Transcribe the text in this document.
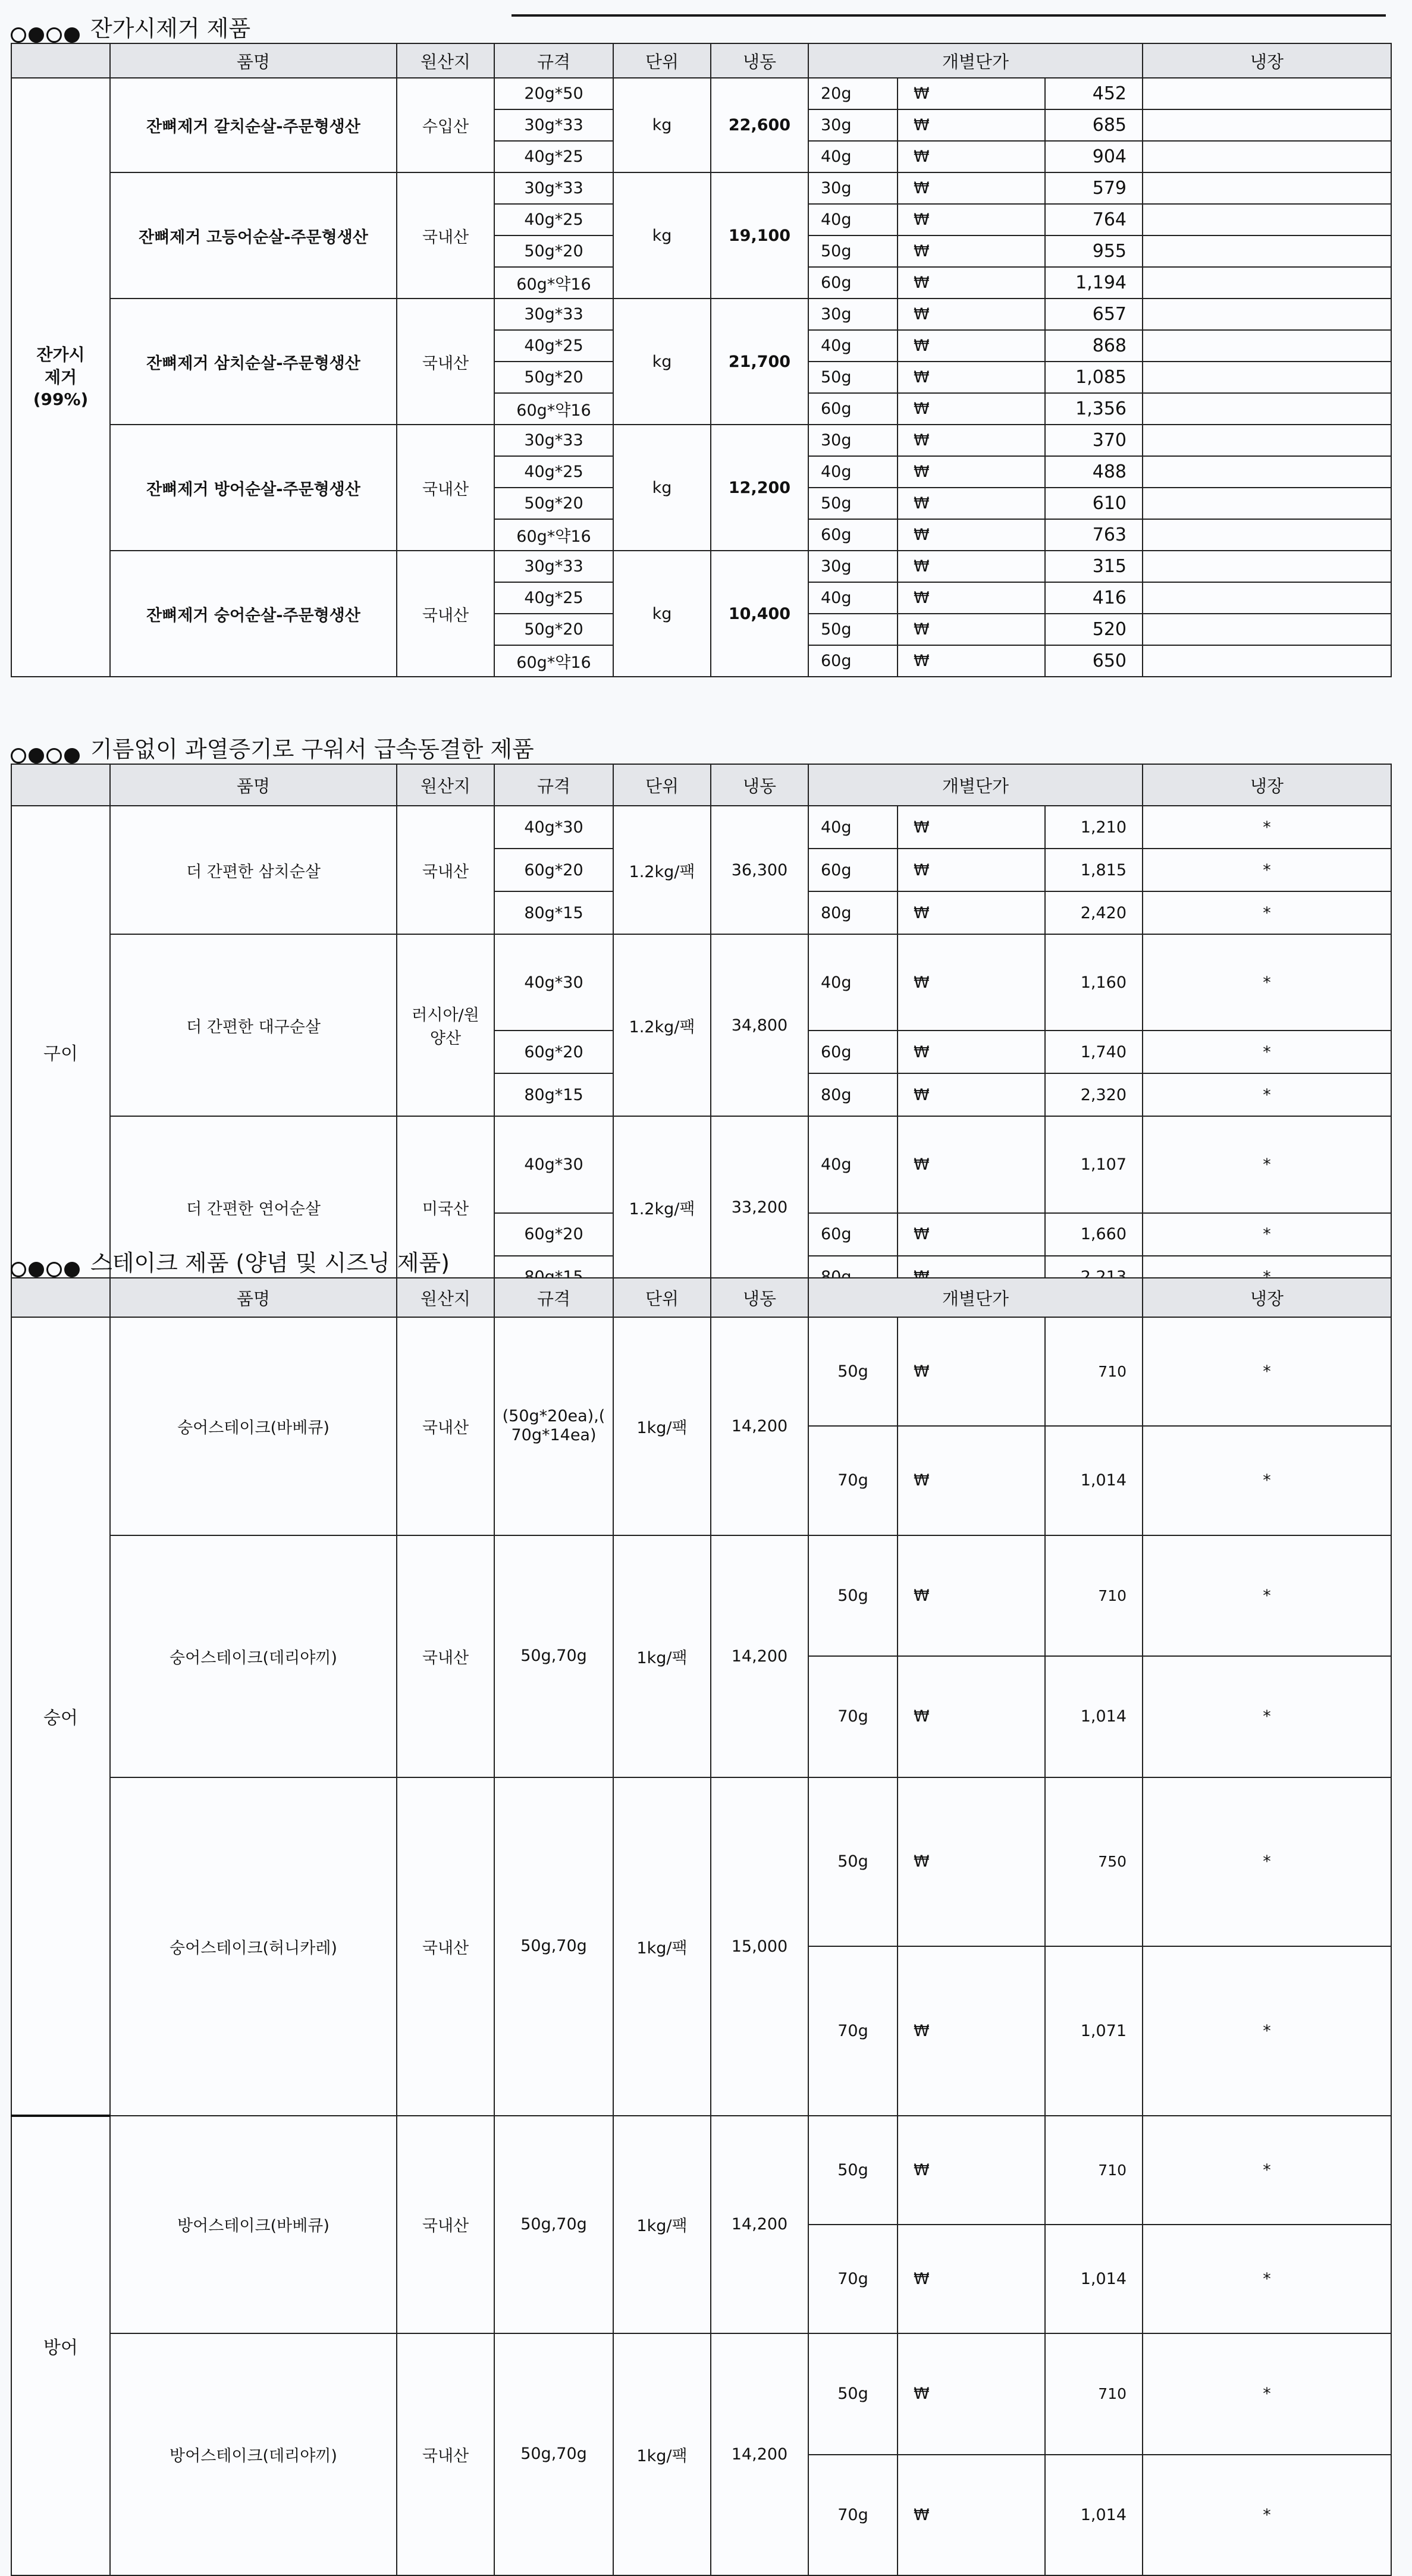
잔가시제거 제품
	품명	원산지	규격	단위	냉동	개별단가			냉장	
잔가시
제거
(99%)	잔뼈제거 갈치순살-주문형생산	수입산	20g*50	kg	22,600	20g	₩	452		
			30g*33			30g	₩	685		
			40g*25			40g	₩	904		
	잔뼈제거 고등어순살-주문형생산	국내산	30g*33	kg	19,100	30g	₩	579		
			40g*25			40g	₩	764		
			50g*20			50g	₩	955		
			60g*약16			60g	₩	1,194		
	잔뼈제거 삼치순살-주문형생산	국내산	30g*33	kg	21,700	30g	₩	657		
			40g*25			40g	₩	868		
			50g*20			50g	₩	1,085		
			60g*약16			60g	₩	1,356		
	잔뼈제거 방어순살-주문형생산	국내산	30g*33	kg	12,200	30g	₩	370		
			40g*25			40g	₩	488		
			50g*20			50g	₩	610		
			60g*약16			60g	₩	763		
	잔뼈제거 숭어순살-주문형생산	국내산	30g*33	kg	10,400	30g	₩	315		
			40g*25			40g	₩	416		
			50g*20			50g	₩	520		
			60g*약16			60g	₩	650		
기름없이 과열증기로 구워서 급속동결한 제품
	품명	원산지	규격	단위	냉동	개별단가			냉장	
구이	더 간편한 삼치순살	국내산	40g*30	1.2kg/팩	36,300	40g	₩	1,210	*	
			60g*20			60g	₩	1,815	*	
			80g*15			80g	₩	2,420	*	
	더 간편한 대구순살	러시아/원
양산	40g*30	1.2kg/팩	34,800	40g	₩	1,160	*	
			60g*20			60g	₩	1,740	*	
			80g*15			80g	₩	2,320	*	
	더 간편한 연어순살	미국산	40g*30	1.2kg/팩	33,200	40g	₩	1,107	*	
			60g*20			60g	₩	1,660	*	

스테이크 제품 (양념 및 시즈닝 제품)
	품명	원산지	규격	단위	냉동	개별단가			냉장	
숭어	숭어스테이크(바베큐)	국내산	(50g*20ea),(
70g*14ea)	1kg/팩	14,200	50g	₩	710	*	
						70g	₩	1,014	*	
	숭어스테이크(데리야끼)	국내산	50g,70g	1kg/팩	14,200	50g	₩	710	*	
						70g	₩	1,014	*	
	숭어스테이크(허니카레)	국내산	50g,70g	1kg/팩	15,000	50g	₩	750	*	
						70g	₩	1,071	*	
방어	방어스테이크(바베큐)	국내산	50g,70g	1kg/팩	14,200	50g	₩	710	*	
						70g	₩	1,014	*	
	방어스테이크(데리야끼)	국내산	50g,70g	1kg/팩	14,200	50g	₩	710	*	
						70g	₩	1,014	*	
